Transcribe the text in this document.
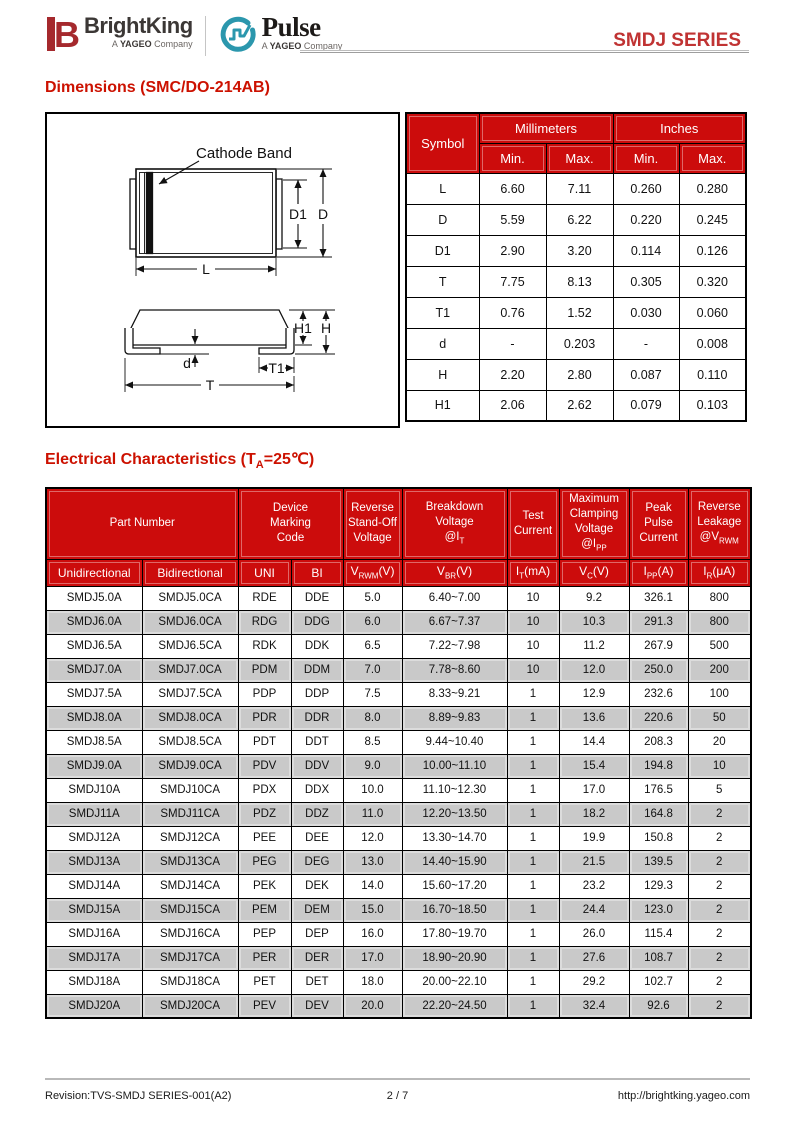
B BrightKing
A YAGEO Company
Pulse
A YAGEO Company	SMDJ SERIES
Dimensions (SMC/DO-214AB)
Cathode Band
D1 D
L
H1 H
d	T1
T
Symbol	Millimeters		Inches	
	Min.	Max.	Min.	Max.
L	6.60	7.11	0.260	0.280
D	5.59	6.22	0.220	0.245
D1	2.90	3.20	0.114	0.126
T	7.75	8.13	0.305	0.320
T1	0.76	1.52	0.030	0.060
d	-	0.203	-	0.008
H	2.20	2.80	0.087	0.110
H1	2.06	2.62	0.079	0.103
Electrical Characteristics $(T_A=25℃)$
Part Number

Device
Marking
Code

Reverse
Stand-Off
Voltage

Breakdown
Voltage
$@I_T$

Test
Current

Maximum
Clamping
Voltage
$@I_{PP}$

Peak
Pulse
Current

Reverse
Leakage
$@V_{RWM}$

Unidirectional	Bidirectional	UNI	BI	$V_{RWM}(V)$	$V_{BR}(V)$	$I_T(mA)$	$V_C(V)$	$I_{PP}(A)$	$I_R(\mu A)$
SMDJ5.0A	SMDJ5.0CA	RDE	DDE	5.0	6.40~7.00	10	9.2	326.1	800
SMDJ6.0A	SMDJ6.0CA	RDG	DDG	6.0	6.67~7.37	10	10.3	291.3	800
SMDJ6.5A	SMDJ6.5CA	RDK	DDK	6.5	7.22~7.98	10	11.2	267.9	500
SMDJ7.0A	SMDJ7.0CA	PDM	DDM	7.0	7.78~8.60	10	12.0	250.0	200
SMDJ7.5A	SMDJ7.5CA	PDP	DDP	7.5	8.33~9.21	1	12.9	232.6	100
SMDJ8.0A	SMDJ8.0CA	PDR	DDR	8.0	8.89~9.83	1	13.6	220.6	50
SMDJ8.5A	SMDJ8.5CA	PDT	DDT	8.5	9.44~10.40	1	14.4	208.3	20
SMDJ9.0A	SMDJ9.0CA	PDV	DDV	9.0	10.00~11.10	1	15.4	194.8	10
SMDJ10A	SMDJ10CA	PDX	DDX	10.0	11.10~12.30	1	17.0	176.5	5
SMDJ11A	SMDJ11CA	PDZ	DDZ	11.0	12.20~13.50	1	18.2	164.8	2
SMDJ12A	SMDJ12CA	PEE	DEE	12.0	13.30~14.70	1	19.9	150.8	2
SMDJ13A	SMDJ13CA	PEG	DEG	13.0	14.40~15.90	1	21.5	139.5	2
SMDJ14A	SMDJ14CA	PEK	DEK	14.0	15.60~17.20	1	23.2	129.3	2
SMDJ15A	SMDJ15CA	PEM	DEM	15.0	16.70~18.50	1	24.4	123.0	2
SMDJ16A	SMDJ16CA	PEP	DEP	16.0	17.80~19.70	1	26.0	115.4	2
SMDJ17A	SMDJ17CA	PER	DER	17.0	18.90~20.90	1	27.6	108.7	2
SMDJ18A	SMDJ18CA	PET	DET	18.0	20.00~22.10	1	29.2	102.7	2
SMDJ20A	SMDJ20CA	PEV	DEV	20.0	22.20~24.50	1	32.4	92.6	2
Revision:TVS-SMDJ SERIES-001(A2)	2 / 7	http://brightking.yageo.com
